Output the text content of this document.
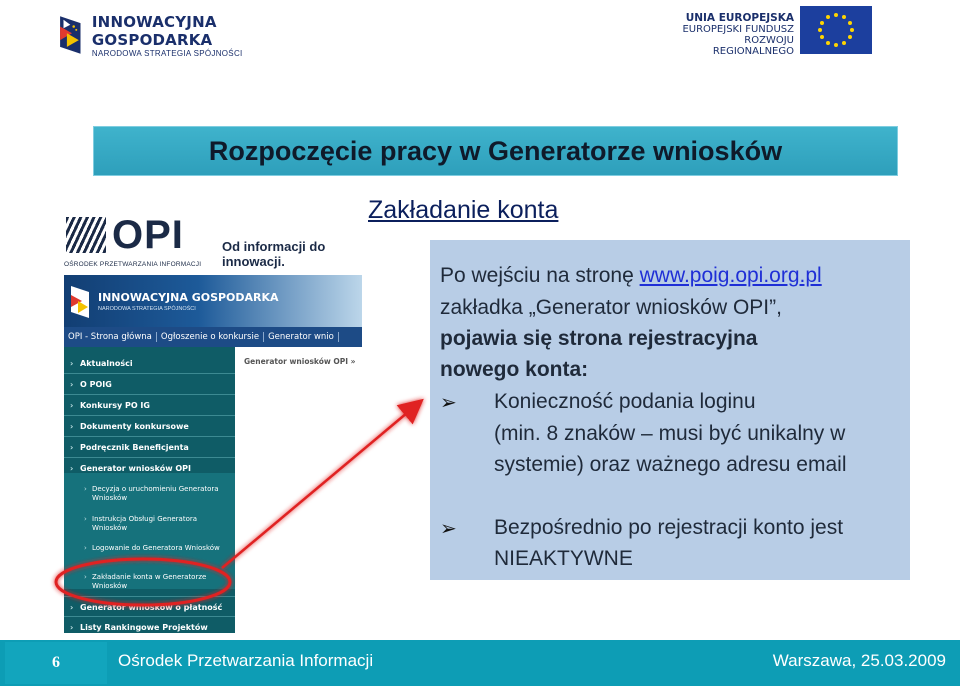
INNOWACYJNA GOSPODARKA
NARODOWA STRATEGIA SPÓJNOŚCI
UNIA EUROPEJSKA
EUROPEJSKI FUNDUSZ
ROZWOJU REGIONALNEGO
Rozpoczęcie pracy w Generatorze wniosków
Zakładanie konta
OPI	Od informacji do innowacji.
OŚRODEK PRZETWARZANIA INFORMACJI
INNOWACYJNA GOSPODARKA
NARODOWA STRATEGIA SPÓJNOŚCI
OPI - Strona główna	Ogłoszenie o konkursie	Generator wnio
› Aktualności
› O POIG
› Konkursy PO IG
› Dokumenty konkursowe
› Podręcznik Beneficjenta
› Generator wniosków OPI
› Decyzja o uruchomieniu Generatora Wniosków
› Instrukcja Obsługi Generatora Wniosków
› Logowanie do Generatora Wniosków
› Zakładanie konta w Generatorze Wniosków
› Generator wniosków o płatność
› Listy Rankingowe Projektów
Generator wniosków OPI »
Po wejściu na stronę www.poig.opi.org.pl
zakładka „Generator wniosków OPI”,
pojawia się strona rejestracyjna
nowego konta:
➢ Konieczność podania loginu
(min. 8 znaków – musi być unikalny w
systemie) oraz ważnego adresu email
➢ Bezpośrednio po rejestracji konto jest
NIEAKTYWNE
6	Ośrodek Przetwarzania Informacji	Warszawa, 25.03.2009
